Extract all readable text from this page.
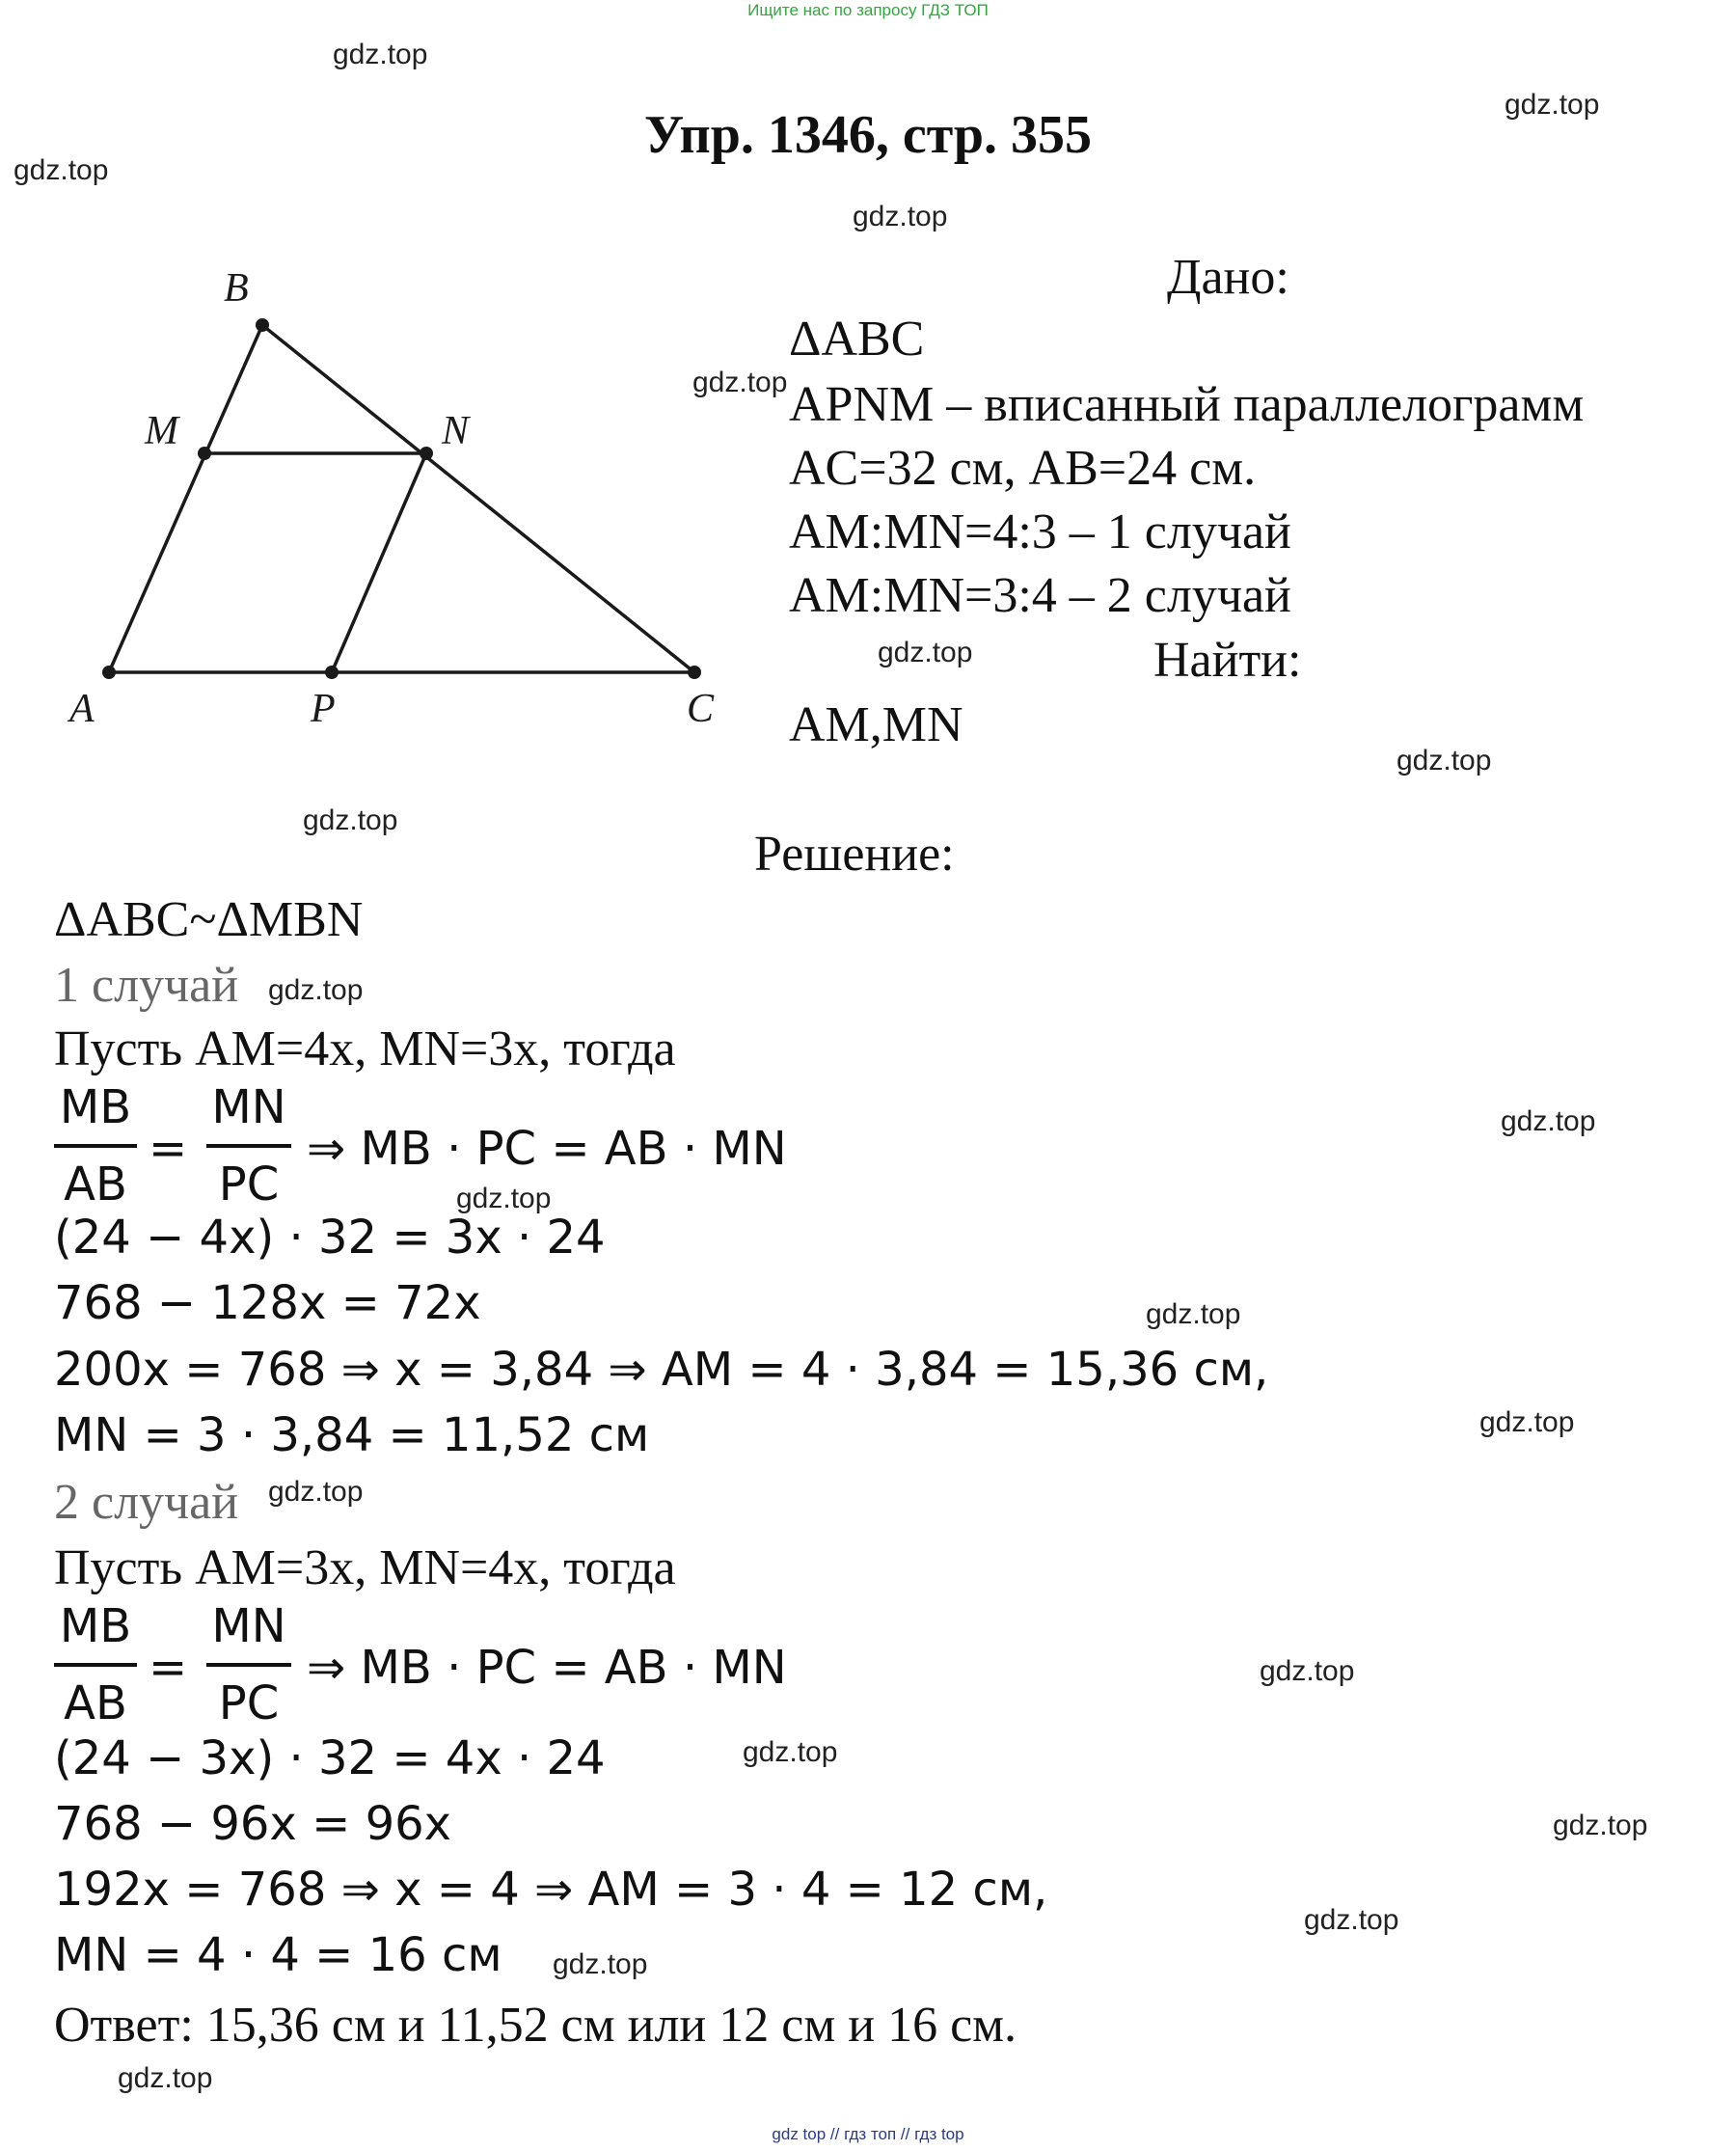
Ищите нас по запросу ГДЗ ТОП
Упр. 1346, стр. 355
gdz.top
gdz.top
gdz.top
gdz.top
gdz.top
gdz.top
gdz.top
gdz.top
gdz.top
gdz.top
gdz.top
gdz.top
gdz.top
gdz.top
gdz.top
gdz.top
gdz.top
gdz.top
gdz.top
gdz.top
B
M	N
A	P	C
Дано:
ΔABC
APNM – вписанный параллелограмм
AC=32 см, AB=24 см.
AM:MN=4:3 – 1 случай
AM:MN=3:4 – 2 случай
Найти:
AM,MN
Решение:
ΔABC~ΔMBN
1 случай
Пусть AM=4x, MN=3x, тогда
MB
AB
=
MN
PC
⇒ MB · PC = AB · MN
(24 − 4x) · 32 = 3x · 24
768 − 128x = 72x
200x = 768 ⇒ x = 3,84 ⇒ AM = 4 · 3,84 = 15,36 см,
MN = 3 · 3,84 = 11,52 см
2 случай
Пусть AM=3x, MN=4x, тогда
MB
AB
=
MN
PC
⇒ MB · PC = AB · MN
(24 − 3x) · 32 = 4x · 24
768 − 96x = 96x
192x = 768 ⇒ x = 4 ⇒ AM = 3 · 4 = 12 см,
MN = 4 · 4 = 16 см
Ответ: 15,36 см и 11,52 см или 12 см и 16 см.
gdz top // гдз топ // гдз top
